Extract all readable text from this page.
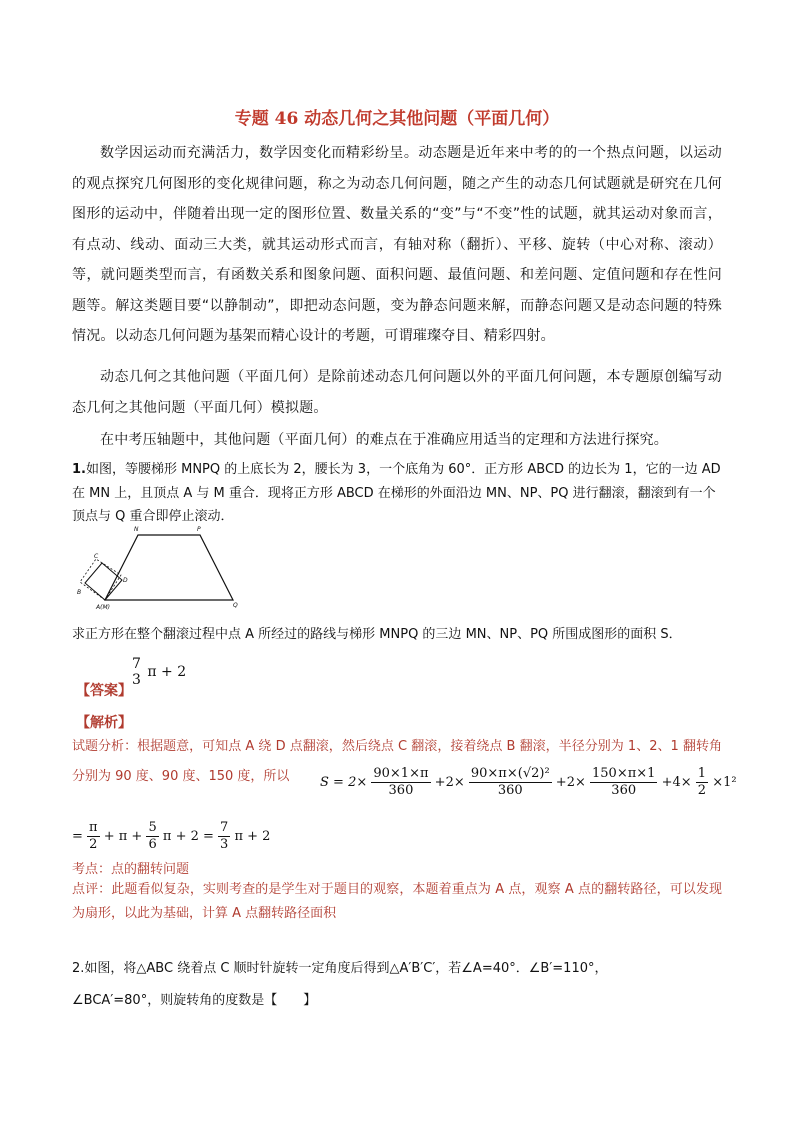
专题 46 动态几何之其他问题（平面几何）
数学因运动而充满活力，数学因变化而精彩纷呈。动态题是近年来中考的的一个热点问题，以运动的观点探究几何图形的变化规律问题，称之为动态几何问题，随之产生的动态几何试题就是研究在几何图形的运动中，伴随着出现一定的图形位置、数量关系的“变”与“不变”性的试题，就其运动对象而言，有点动、线动、面动三大类，就其运动形式而言，有轴对称（翻折）、平移、旋转（中心对称、滚动）等，就问题类型而言，有函数关系和图象问题、面积问题、最值问题、和差问题、定值问题和存在性问题等。解这类题目要“以静制动”，即把动态问题，变为静态问题来解，而静态问题又是动态问题的特殊情况。以动态几何问题为基架而精心设计的考题，可谓璀璨夺目、精彩四射。
动态几何之其他问题（平面几何）是除前述动态几何问题以外的平面几何问题，本专题原创编写动态几何之其他问题（平面几何）模拟题。
在中考压轴题中，其他问题（平面几何）的难点在于准确应用适当的定理和方法进行探究。
1.如图，等腰梯形 MNPQ 的上底长为 2，腰长为 3，一个底角为 60°．正方形 ABCD 的边长为 1，它的一边 AD 在 MN 上，且顶点 A 与 M 重合．现将正方形 ABCD 在梯形的外面沿边 MN、NP、PQ 进行翻滚，翻滚到有一个顶点与 Q 重合即停止滚动．
N	P
Q
A(M)
D
B
C
求正方形在整个翻滚过程中点 A 所经过的路线与梯形 MNPQ 的三边 MN、NP、PQ 所围成图形的面积 S．
【答案】
7
3 π + 2
【解析】
试题分析：根据题意，可知点 A 绕 D 点翻滚，然后绕点 C 翻滚，接着绕点 B 翻滚，半径分别为 1、2、1 翻转角分别为 90 度、90 度、150 度，所以	$S = 2\times \frac{90\times 1\times\pi}{360} +2\times \frac{\text{90×π×(√2)²}}{360} +2\times \frac{150\times\pi\times 1}{360} +4\times \frac{1}{2} \times 1^2$
= $\frac{\pi}{2} + \pi + \frac{5}{6}$ $\pi + 2 = \frac{7}{3}$ π + 2
考点：点的翻转问题
点评：此题看似复杂，实则考查的是学生对于题目的观察，本题着重点为 A 点，观察 A 点的翻转路径，可以发现为扇形，以此为基础，计算 A 点翻转路径面积
2.如图，将△ABC 绕着点 C 顺时针旋转一定角度后得到△A′B′C′，若∠A=40°．∠B′=110°，
∠BCA′=80°，则旋转角的度数是【　　】
